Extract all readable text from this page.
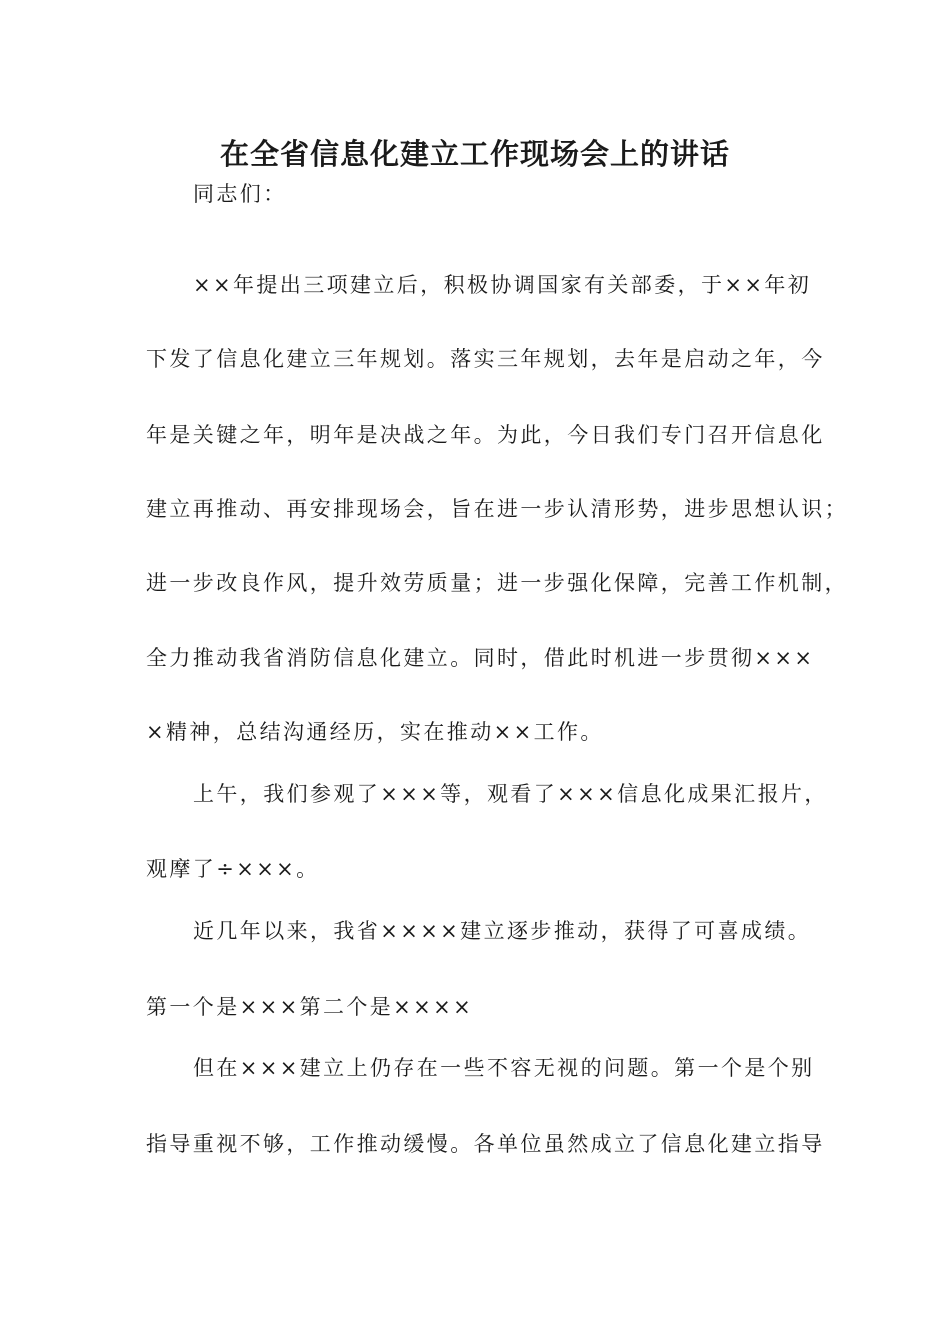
在全省信息化建立工作现场会上的讲话
同志们：
××年提出三项建立后，积极协调国家有关部委，于××年初
下发了信息化建立三年规划。落实三年规划，去年是启动之年，今
年是关键之年，明年是决战之年。为此，今日我们专门召开信息化
建立再推动、再安排现场会，旨在进一步认清形势，进步思想认识；
进一步改良作风，提升效劳质量；进一步强化保障，完善工作机制，
全力推动我省消防信息化建立。同时，借此时机进一步贯彻×××
×精神，总结沟通经历，实在推动××工作。
上午，我们参观了×××等，观看了×××信息化成果汇报片，
观摩了÷×××。
近几年以来，我省××××建立逐步推动，获得了可喜成绩。
第一个是×××第二个是××××
但在×××建立上仍存在一些不容无视的问题。第一个是个别
指导重视不够，工作推动缓慢。各单位虽然成立了信息化建立指导
